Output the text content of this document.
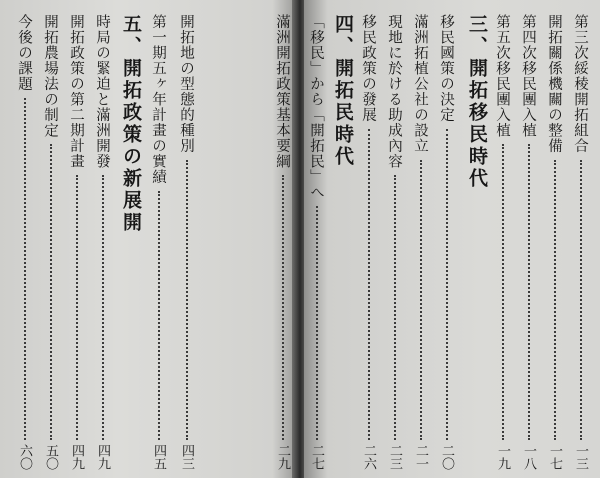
開拓地の型態的種別
四三
第一期五ヶ年計畫の實績
四五
五、開拓政策の新展開
時局の緊迫と滿洲開發
四九
開拓政策の第二期計畫
四九
開拓農場法の制定
五〇
今後の課題
六〇
第三次綏稜開拓組合
一三
開拓關係機關の整備
一七
第四次移民團入植
一八
第五次移民團入植
一九
三、開拓移民時代
移民國策の決定
二〇
滿洲拓植公社の設立
二一
現地に於ける助成內容
二三
移民政策の發展
二六
四、開拓民時代
「移民」から「開拓民」へ
二七
滿洲開拓政策基本要綱
二九
